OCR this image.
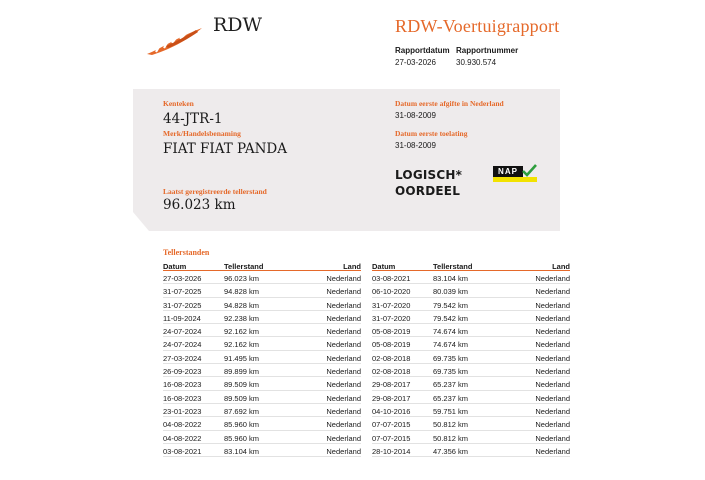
RDW	RDW-Voertuigrapport
Rapportdatum
27-03-2026
Rapportnummer
30.930.574
Kenteken
44-JTR-1
Merk/Handelsbenaming
FIAT FIAT PANDA
Laatst geregistreerde tellerstand
96.023 km
Datum eerste afgifte in Nederland
31-08-2009
Datum eerste toelating
31-08-2009
LOGISCH*
OORDEEL
NAP
Tellerstanden
Datum	Tellerstand	Land
27-03-2026	96.023 km	Nederland
31-07-2025	94.828 km	Nederland
31-07-2025	94.828 km	Nederland
11-09-2024	92.238 km	Nederland
24-07-2024	92.162 km	Nederland
24-07-2024	92.162 km	Nederland
27-03-2024	91.495 km	Nederland
26-09-2023	89.899 km	Nederland
16-08-2023	89.509 km	Nederland
16-08-2023	89.509 km	Nederland
23-01-2023	87.692 km	Nederland
04-08-2022	85.960 km	Nederland
04-08-2022	85.960 km	Nederland
03-08-2021	83.104 km	Nederland
Datum	Tellerstand	Land
03-08-2021	83.104 km	Nederland
06-10-2020	80.039 km	Nederland
31-07-2020	79.542 km	Nederland
31-07-2020	79.542 km	Nederland
05-08-2019	74.674 km	Nederland
05-08-2019	74.674 km	Nederland
02-08-2018	69.735 km	Nederland
02-08-2018	69.735 km	Nederland
29-08-2017	65.237 km	Nederland
29-08-2017	65.237 km	Nederland
04-10-2016	59.751 km	Nederland
07-07-2015	50.812 km	Nederland
07-07-2015	50.812 km	Nederland
28-10-2014	47.356 km	Nederland
